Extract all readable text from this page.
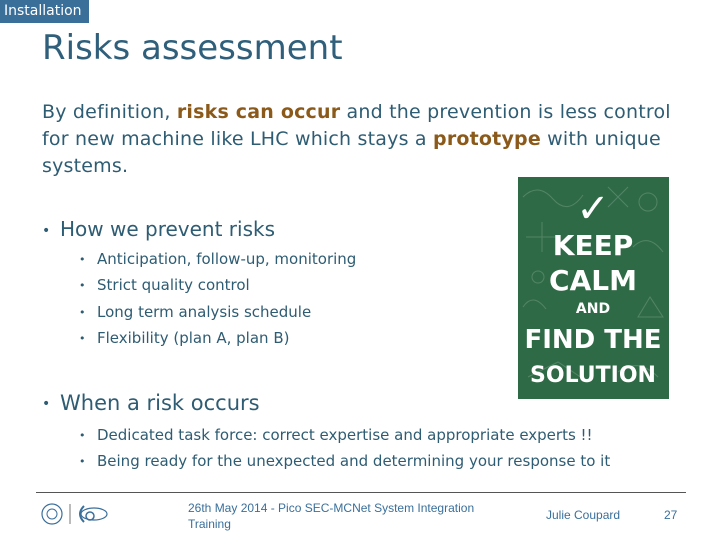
Installation
Risks assessment
By definition, risks can occur and the prevention is less control for new machine like LHC which stays a prototype with unique systems.
• How we prevent risks
• Anticipation, follow-up, monitoring
• Strict quality control
• Long term analysis schedule
• Flexibility (plan A, plan B)
• When a risk occurs
• Dedicated task force: correct expertise and appropriate experts !!
• Being ready for the unexpected and determining your response to it
✓
KEEP
CALM
AND
FIND THE
SOLUTION
26th May 2014 - Pico SEC-MCNet System Integration Training
Julie Coupard	27
